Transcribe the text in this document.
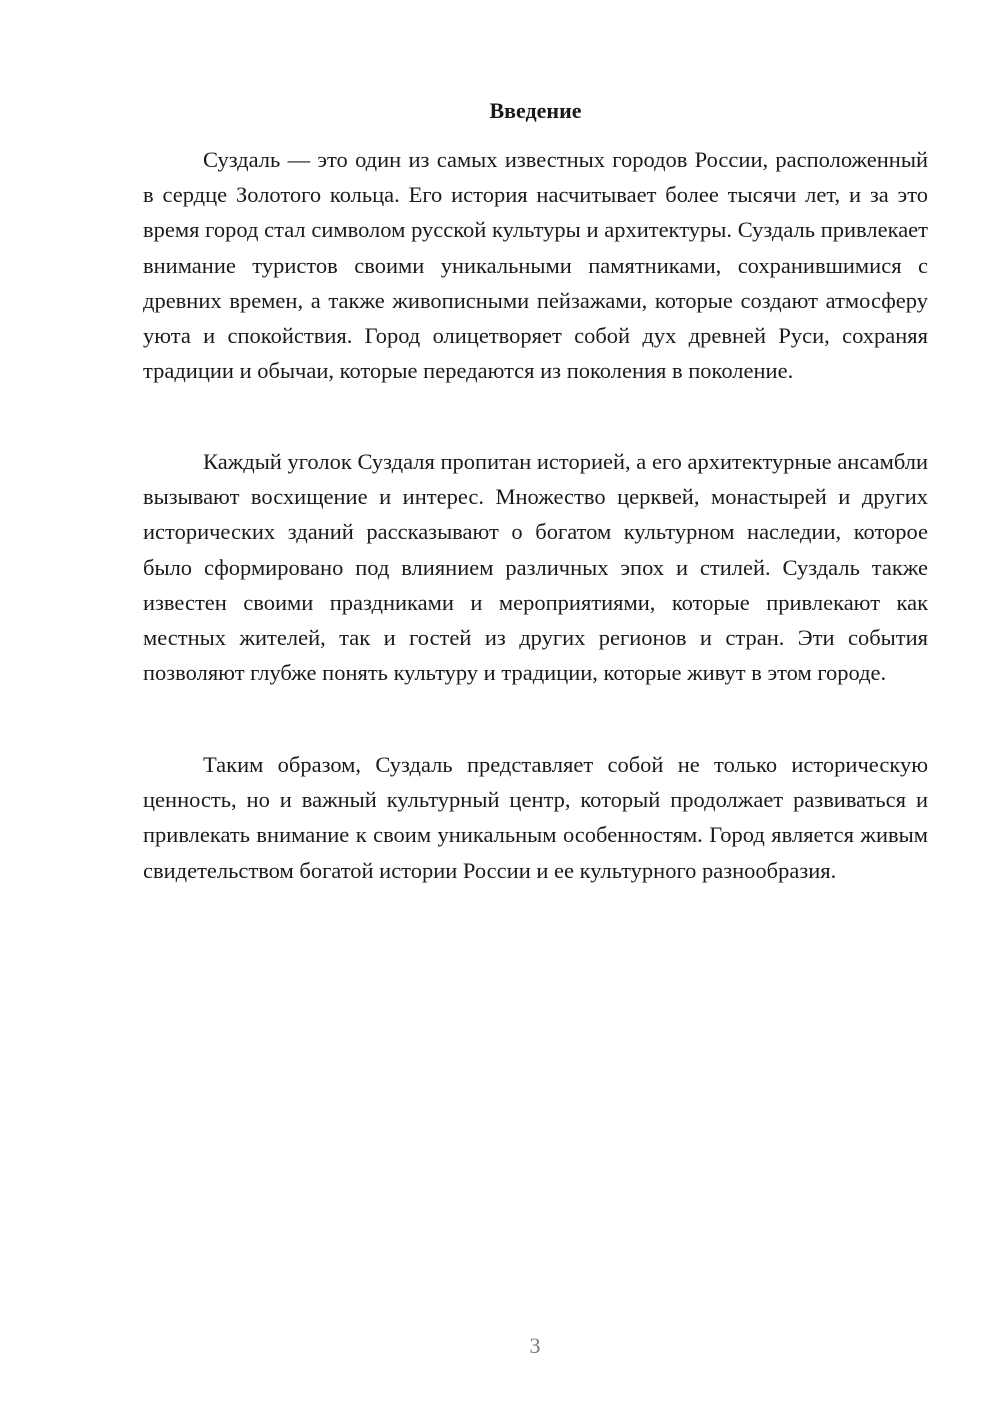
Введение

Суздаль — это один из самых известных городов России, расположенный в сердце Золотого кольца. Его история насчитывает более тысячи лет, и за это время город стал символом русской культуры и архитектуры. Суздаль привлекает внимание туристов своими уникальными памятниками, сохранившимися с древних времен, а также живописными пейзажами, которые создают атмосферу уюта и спокойствия. Город олицетворяет собой дух древней Руси, сохраняя традиции и обычаи, которые передаются из поколения в поколение.

Каждый уголок Суздаля пропитан историей, а его архитектурные ансамбли вызывают восхищение и интерес. Множество церквей, монастырей и других исторических зданий рассказывают о богатом культурном наследии, которое было сформировано под влиянием различных эпох и стилей. Суздаль также известен своими праздниками и мероприятиями, которые привлекают как местных жителей, так и гостей из других регионов и стран. Эти события позволяют глубже понять культуру и традиции, которые живут в этом городе.

Таким образом, Суздаль представляет собой не только историческую ценность, но и важный культурный центр, который продолжает развиваться и привлекать внимание к своим уникальным особенностям. Город является живым свидетельством богатой истории России и ее культурного разнообразия.

3
